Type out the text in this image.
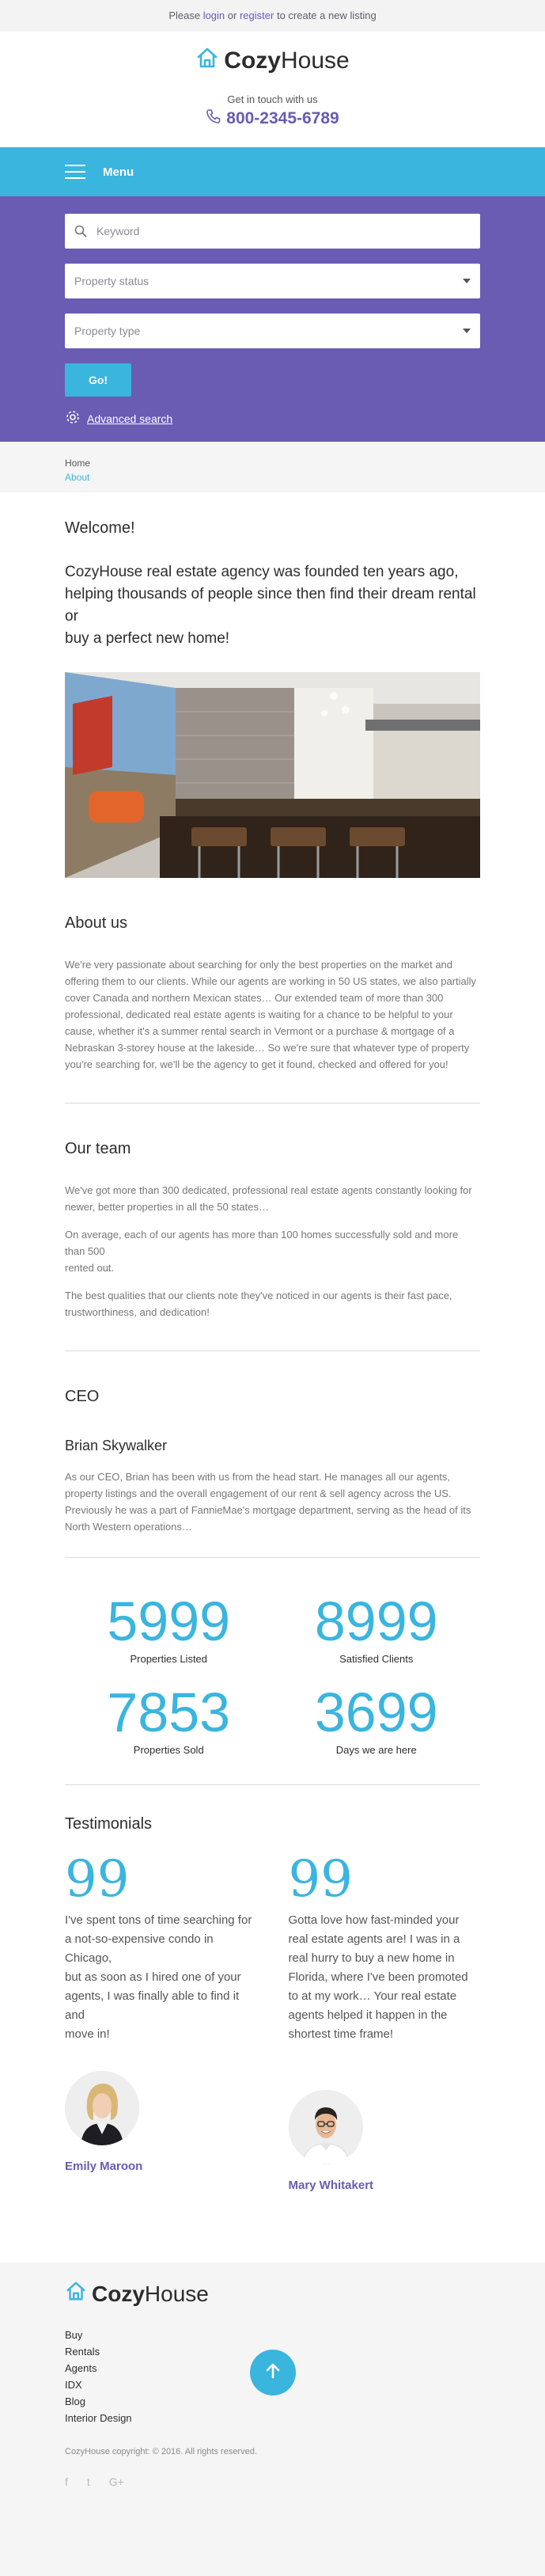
Please login or register to create a new listing
CozyHouse
Get in touch with us
800-2345-6789
Menu
Keyword
Property status
Property type
Go!
Advanced search
Home
About
Welcome!

CozyHouse real estate agency was founded ten years ago, helping thousands of people since then find their dream rental or
buy a perfect new home!

About us

We're very passionate about searching for only the best properties on the market and offering them to our clients. While our agents are working in 50 US states, we also partially cover Canada and northern Mexican states… Our extended team of more than 300 professional, dedicated real estate agents is waiting for a chance to be helpful to your cause, whether it's a summer rental search in Vermont or a purchase & mortgage of a Nebraskan 3-storey house at the lakeside… So we're sure that whatever type of property you're searching for, we'll be the agency to get it found, checked and offered for you!

Our team

We've got more than 300 dedicated, professional real estate agents constantly looking for newer, better properties in all the 50 states…

On average, each of our agents has more than 100 homes successfully sold and more than 500
rented out.

The best qualities that our clients note they've noticed in our agents is their fast pace, trustworthiness, and dedication!

CEO
Brian Skywalker

As our CEO, Brian has been with us from the head start. He manages all our agents, property listings and the overall engagement of our rent & sell agency across the US. Previously he was a part of FannieMae's mortgage department, serving as the head of its North Western operations…

5999
Properties Listed
8999
Satisfied Clients
7853
Properties Sold
3699
Days we are here
Testimonials
99

I've spent tons of time searching for a not-so-expensive condo in Chicago,
but as soon as I hired one of your agents, I was finally able to find it and
move in!

Emily Maroon
99

Gotta love how fast-minded your real estate agents are! I was in a real hurry to buy a new home in Florida, where I've been promoted to at my work… Your real estate agents helped it happen in the shortest time frame!

Mary Whitakert
CozyHouse
Buy
Rentals
Agents
IDX
Blog
Interior Design
CozyHouse copyright: © 2016. All rights reserved.
f t G+
